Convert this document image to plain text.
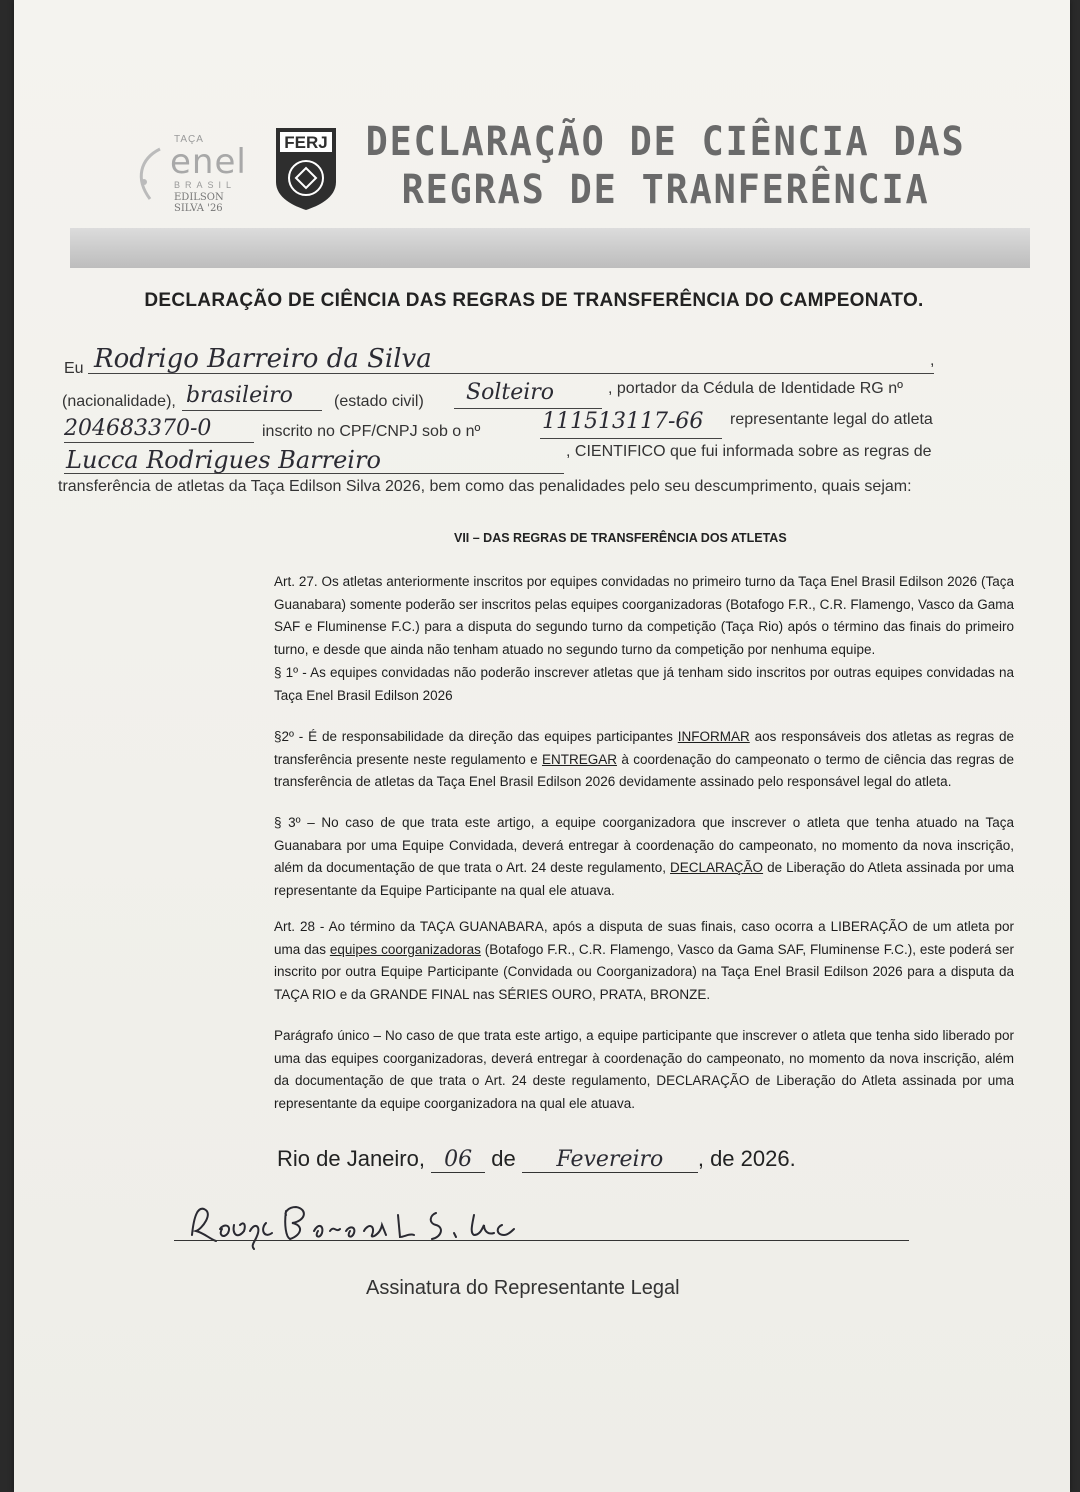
TAÇA
enel
BRASIL
EDILSON
SILVA '26
FERJ DECLARAÇÃO DE CIÊNCIA DAS
REGRAS DE TRANFERÊNCIA
DECLARAÇÃO DE CIÊNCIA DAS REGRAS DE TRANSFERÊNCIA DO CAMPEONATO.
Eu Rodrigo Barreiro da Silva	,
(nacionalidade), brasileiro	(estado civil) Solteiro	, portador da Cédula de Identidade RG nº
204683370-0	inscrito no CPF/CNPJ sob o nº	111513117-66 representante legal do atleta
Lucca Rodrigues Barreiro	, CIENTIFICO que fui informada sobre as regras de
transferência de atletas da Taça Edilson Silva 2026, bem como das penalidades pelo seu descumprimento, quais sejam:
VII – DAS REGRAS DE TRANSFERÊNCIA DOS ATLETAS
Art. 27. Os atletas anteriormente inscritos por equipes convidadas no primeiro turno da Taça Enel Brasil Edilson 2026 (Taça Guanabara) somente poderão ser inscritos pelas equipes coorganizadoras (Botafogo F.R., C.R. Flamengo, Vasco da Gama SAF e Fluminense F.C.) para a disputa do segundo turno da competição (Taça Rio) após o término das finais do primeiro turno, e desde que ainda não tenham atuado no segundo turno da competição por nenhuma equipe.
§ 1º - As equipes convidadas não poderão inscrever atletas que já tenham sido inscritos por outras equipes convidadas na Taça Enel Brasil Edilson 2026
§2º - É de responsabilidade da direção das equipes participantes INFORMAR aos responsáveis dos atletas as regras de transferência presente neste regulamento e ENTREGAR à coordenação do campeonato o termo de ciência das regras de transferência de atletas da Taça Enel Brasil Edilson 2026 devidamente assinado pelo responsável legal do atleta.
§ 3º – No caso de que trata este artigo, a equipe coorganizadora que inscrever o atleta que tenha atuado na Taça Guanabara por uma Equipe Convidada, deverá entregar à coordenação do campeonato, no momento da nova inscrição, além da documentação de que trata o Art. 24 deste regulamento, DECLARAÇÃO de Liberação do Atleta assinada por uma representante da Equipe Participante na qual ele atuava.
Art. 28 - Ao término da TAÇA GUANABARA, após a disputa de suas finais, caso ocorra a LIBERAÇÃO de um atleta por uma das equipes coorganizadoras (Botafogo F.R., C.R. Flamengo, Vasco da Gama SAF, Fluminense F.C.), este poderá ser inscrito por outra Equipe Participante (Convidada ou Coorganizadora) na Taça Enel Brasil Edilson 2026 para a disputa da TAÇA RIO e da GRANDE FINAL nas SÉRIES OURO, PRATA, BRONZE.
Parágrafo único – No caso de que trata este artigo, a equipe participante que inscrever o atleta que tenha sido liberado por uma das equipes coorganizadoras, deverá entregar à coordenação do campeonato, no momento da nova inscrição, além da documentação de que trata o Art. 24 deste regulamento, DECLARAÇÃO de Liberação do Atleta assinada por uma representante da equipe coorganizadora na qual ele atuava.
Rio de Janeiro, 06 de Fevereiro , de 2026.
Assinatura do Representante Legal
